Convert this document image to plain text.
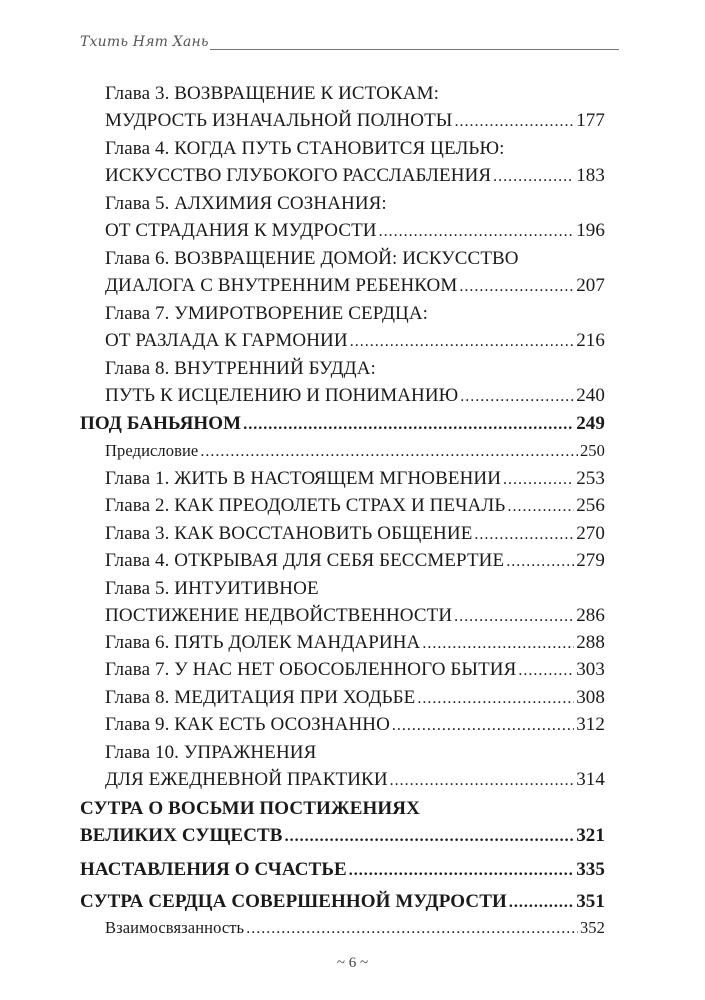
Тхить Нят Хань
Глава 3. ВОЗВРАЩЕНИЕ К ИСТОКАМ:
МУДРОСТЬ ИЗНАЧАЛЬНОЙ ПОЛНОТЫ .....	177
Глава 4. КОГДА ПУТЬ СТАНОВИТСЯ ЦЕЛЬЮ:
ИСКУССТВО ГЛУБОКОГО РАССЛАБЛЕНИЯ .....	183
Глава 5. АЛХИМИЯ СОЗНАНИЯ:
ОТ СТРАДАНИЯ К МУДРОСТИ .....	196
Глава 6. ВОЗВРАЩЕНИЕ ДОМОЙ: ИСКУССТВО
ДИАЛОГА С ВНУТРЕННИМ РЕБЕНКОМ .....	207
Глава 7. УМИРОТВОРЕНИЕ СЕРДЦА:
ОТ РАЗЛАДА К ГАРМОНИИ .....	216
Глава 8. ВНУТРЕННИЙ БУДДА:
ПУТЬ К ИСЦЕЛЕНИЮ И ПОНИМАНИЮ .....	240
ПОД БАНЬЯНОМ .....	249
Предисловие .....	250
Глава 1. ЖИТЬ В НАСТОЯЩЕМ МГНОВЕНИИ .....	253
Глава 2. КАК ПРЕОДОЛЕТЬ СТРАХ И ПЕЧАЛЬ .....	256
Глава 3. КАК ВОССТАНОВИТЬ ОБЩЕНИЕ .....	270
Глава 4. ОТКРЫВАЯ ДЛЯ СЕБЯ БЕССМЕРТИЕ .....	279
Глава 5. ИНТУИТИВНОЕ
ПОСТИЖЕНИЕ НЕДВОЙСТВЕННОСТИ .....	286
Глава 6. ПЯТЬ ДОЛЕК МАНДАРИНА .....	288
Глава 7. У НАС НЕТ ОБОСОБЛЕННОГО БЫТИЯ .....	303
Глава 8. МЕДИТАЦИЯ ПРИ ХОДЬБЕ .....	308
Глава 9. КАК ЕСТЬ ОСОЗНАННО .....	312
Глава 10. УПРАЖНЕНИЯ
ДЛЯ ЕЖЕДНЕВНОЙ ПРАКТИКИ .....	314
СУТРА О ВОСЬМИ ПОСТИЖЕНИЯХ
ВЕЛИКИХ СУЩЕСТВ .....	321
НАСТАВЛЕНИЯ О СЧАСТЬЕ .....	335
СУТРА СЕРДЦА СОВЕРШЕННОЙ МУДРОСТИ .....	351
Взаимосвязанность .....	352
~ 6 ~
